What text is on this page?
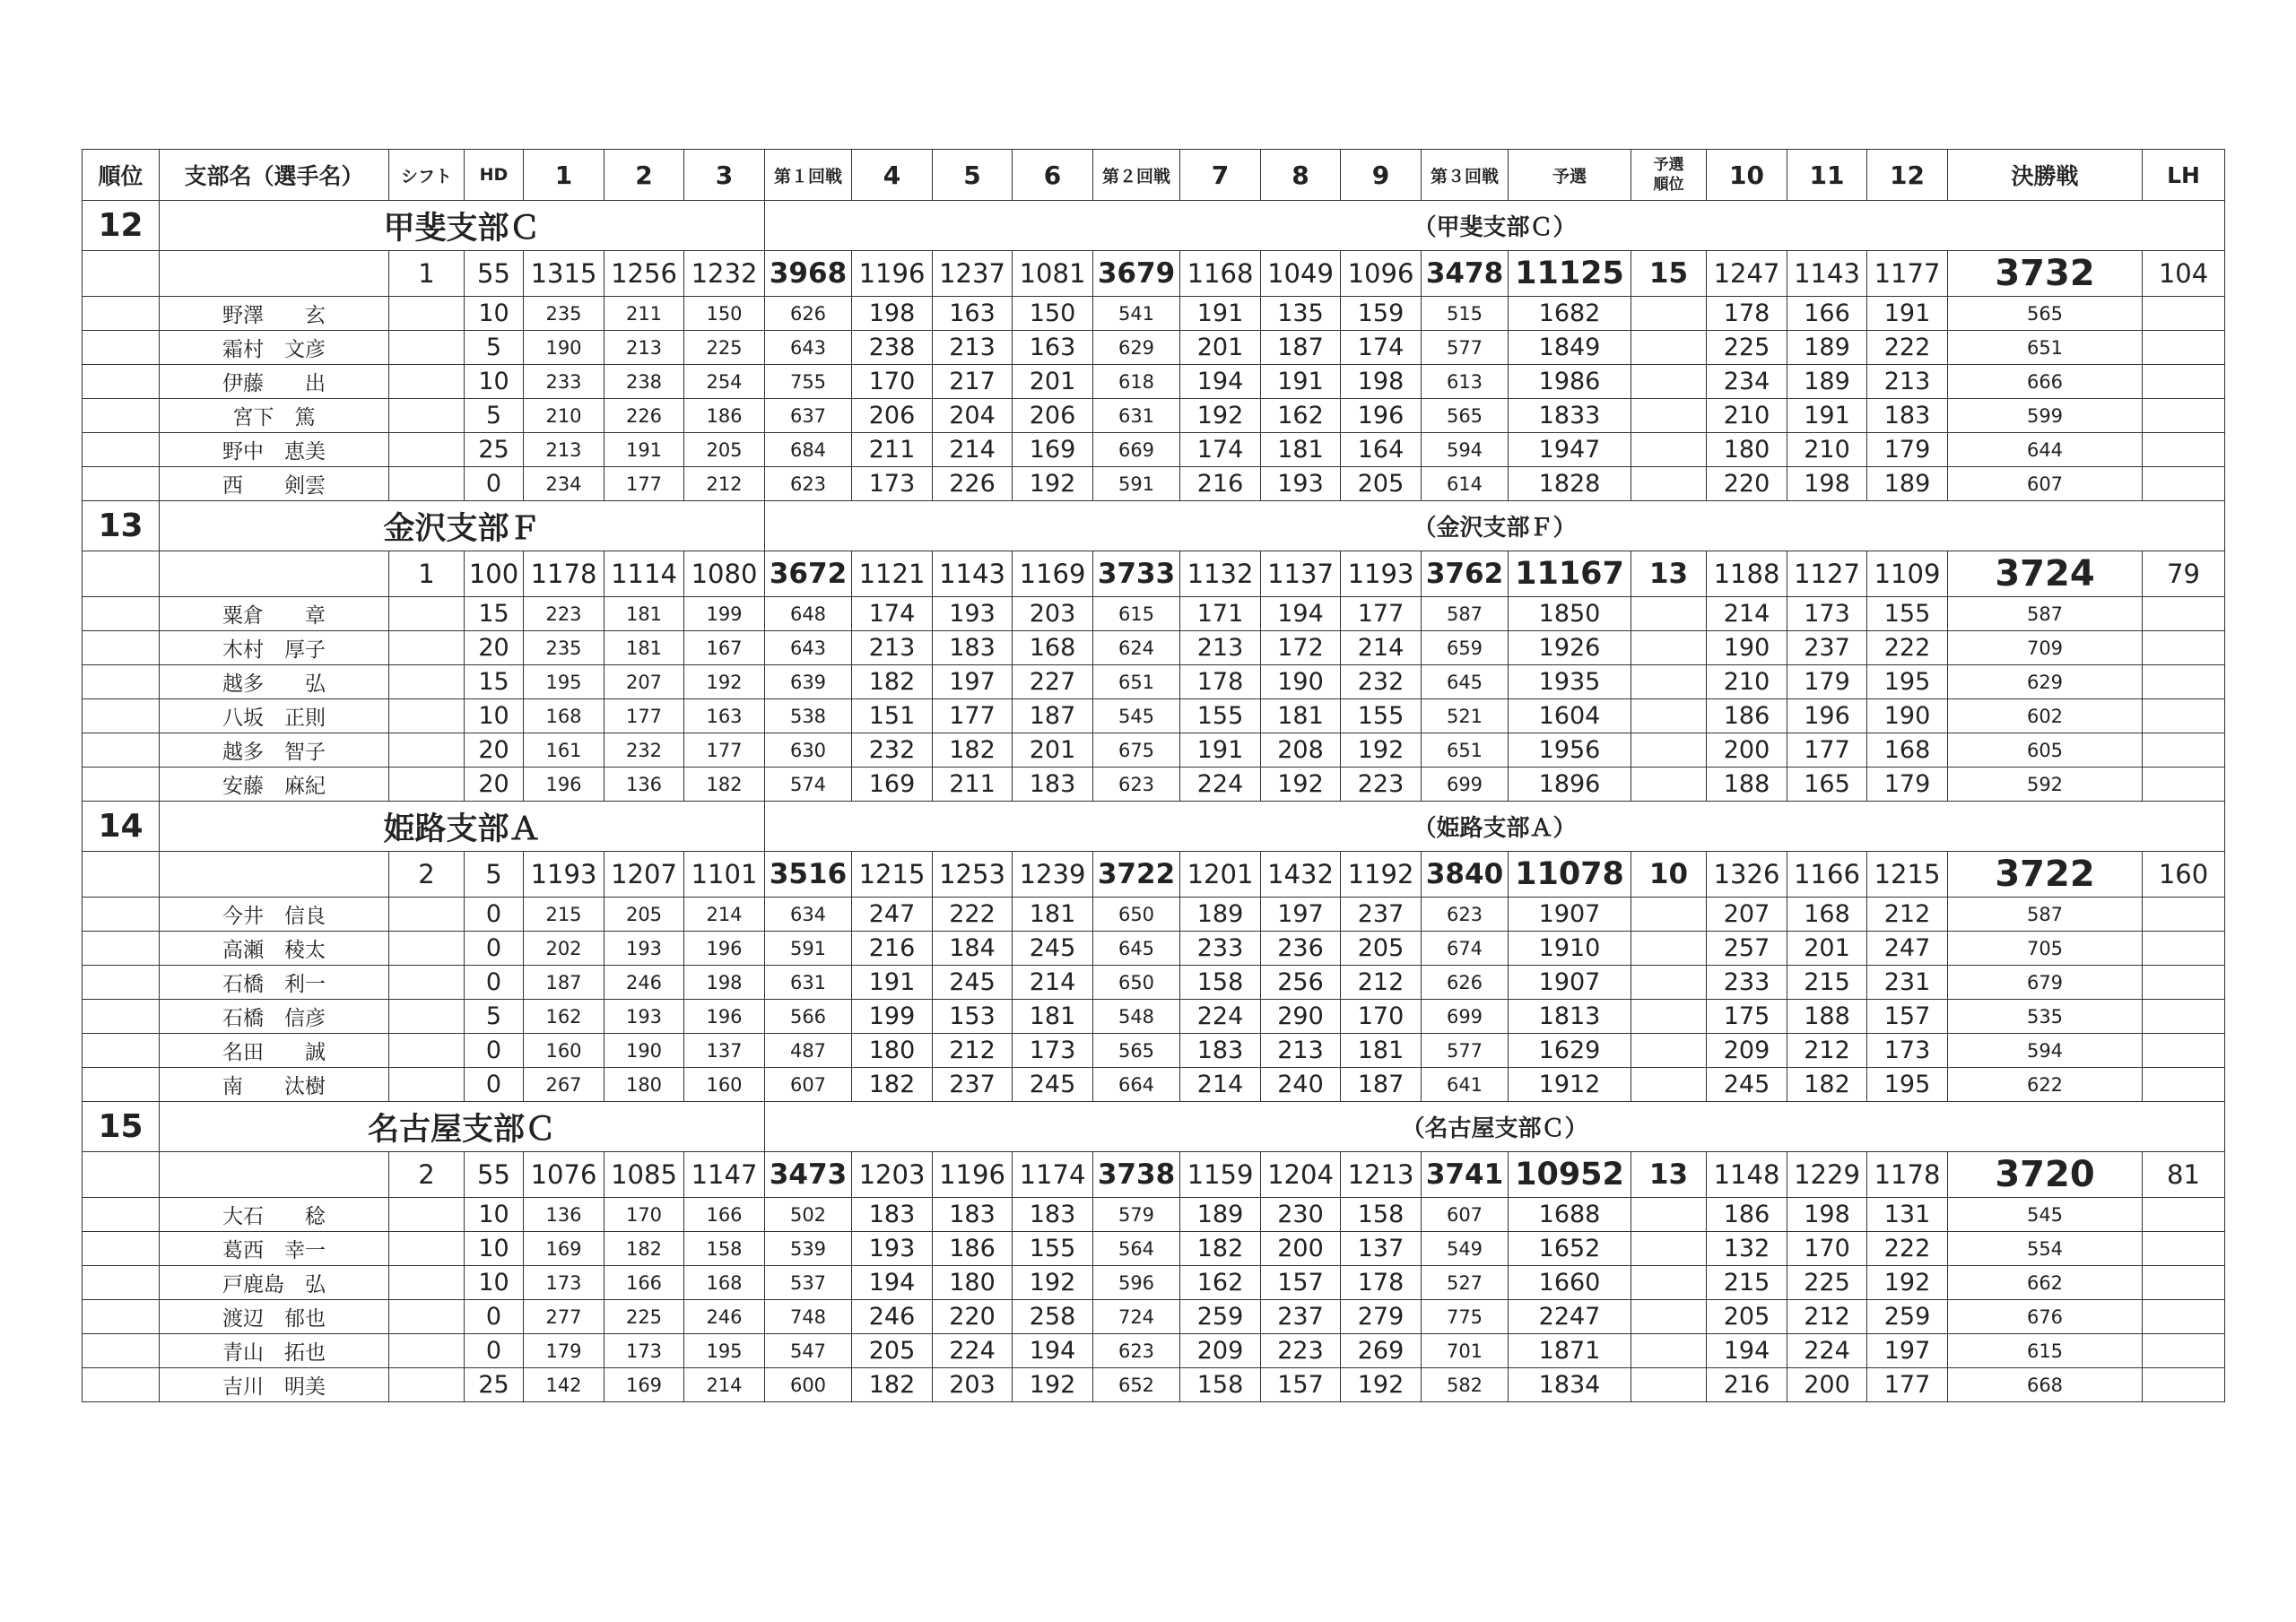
順位	支部名（選手名）	シフト	HD	1	2	3	第１回戦	4	5	6	第２回戦	7	8	9	第３回戦	予選	予選順位	10	11	12	決勝戦	LH
12	甲斐支部Ｃ						（甲斐支部Ｃ）															
		1	55	1315	1256	1232	3968	1196	1237	1081	3679	1168	1049	1096	3478	11125	15	1247	1143	1177	3732	104
	野澤　　玄		10	235	211	150	626	198	163	150	541	191	135	159	515	1682		178	166	191	565	
	霜村　文彦		5	190	213	225	643	238	213	163	629	201	187	174	577	1849		225	189	222	651	
	伊藤　　出		10	233	238	254	755	170	217	201	618	194	191	198	613	1986		234	189	213	666	
	宮下　篤		5	210	226	186	637	206	204	206	631	192	162	196	565	1833		210	191	183	599	
	野中　恵美		25	213	191	205	684	211	214	169	669	174	181	164	594	1947		180	210	179	644	
	西　　剣雲		0	234	177	212	623	173	226	192	591	216	193	205	614	1828		220	198	189	607	
13	金沢支部Ｆ						（金沢支部Ｆ）															
		1	100	1178	1114	1080	3672	1121	1143	1169	3733	1132	1137	1193	3762	11167	13	1188	1127	1109	3724	79
	粟倉　　章		15	223	181	199	648	174	193	203	615	171	194	177	587	1850		214	173	155	587	
	木村　厚子		20	235	181	167	643	213	183	168	624	213	172	214	659	1926		190	237	222	709	
	越多　　弘		15	195	207	192	639	182	197	227	651	178	190	232	645	1935		210	179	195	629	
	八坂　正則		10	168	177	163	538	151	177	187	545	155	181	155	521	1604		186	196	190	602	
	越多　智子		20	161	232	177	630	232	182	201	675	191	208	192	651	1956		200	177	168	605	
	安藤　麻紀		20	196	136	182	574	169	211	183	623	224	192	223	699	1896		188	165	179	592	
14	姫路支部Ａ						（姫路支部Ａ）															
		2	5	1193	1207	1101	3516	1215	1253	1239	3722	1201	1432	1192	3840	11078	10	1326	1166	1215	3722	160
	今井　信良		0	215	205	214	634	247	222	181	650	189	197	237	623	1907		207	168	212	587	
	高瀬　稜太		0	202	193	196	591	216	184	245	645	233	236	205	674	1910		257	201	247	705	
	石橋　利一		0	187	246	198	631	191	245	214	650	158	256	212	626	1907		233	215	231	679	
	石橋　信彦		5	162	193	196	566	199	153	181	548	224	290	170	699	1813		175	188	157	535	
	名田　　誠		0	160	190	137	487	180	212	173	565	183	213	181	577	1629		209	212	173	594	
	南　　汰樹		0	267	180	160	607	182	237	245	664	214	240	187	641	1912		245	182	195	622	
15	名古屋支部Ｃ						（名古屋支部Ｃ）															
		2	55	1076	1085	1147	3473	1203	1196	1174	3738	1159	1204	1213	3741	10952	13	1148	1229	1178	3720	81
	大石　　稔		10	136	170	166	502	183	183	183	579	189	230	158	607	1688		186	198	131	545	
	葛西　幸一		10	169	182	158	539	193	186	155	564	182	200	137	549	1652		132	170	222	554	
	戸鹿島　弘		10	173	166	168	537	194	180	192	596	162	157	178	527	1660		215	225	192	662	
	渡辺　郁也		0	277	225	246	748	246	220	258	724	259	237	279	775	2247		205	212	259	676	
	青山　拓也		0	179	173	195	547	205	224	194	623	209	223	269	701	1871		194	224	197	615	
	吉川　明美		25	142	169	214	600	182	203	192	652	158	157	192	582	1834		216	200	177	668	
